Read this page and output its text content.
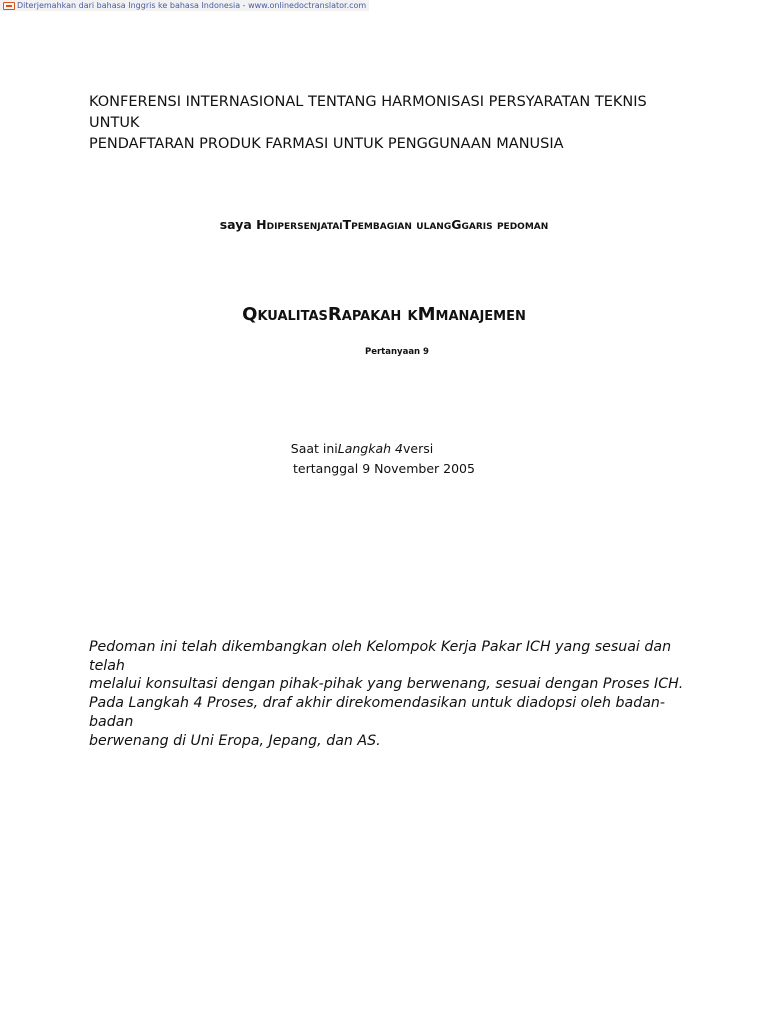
Diterjemahkan dari bahasa Inggris ke bahasa Indonesia - www.onlinedoctranslator.com
KONFERENSI INTERNASIONAL TENTANG HARMONISASI PERSYARATAN TEKNIS UNTUK
PENDAFTARAN PRODUK FARMASI UNTUK PENGGUNAAN MANUSIA
saya HdipersenjataiTpembagian ulangGgaris pedoman
QkualitasRapakah kMmanajemen
Pertanyaan 9
Saat iniLangkah 4versi
tertanggal 9 November 2005
Pedoman ini telah dikembangkan oleh Kelompok Kerja Pakar ICH yang sesuai dan telah
melalui konsultasi dengan pihak-pihak yang berwenang, sesuai dengan Proses ICH.
Pada Langkah 4 Proses, draf akhir direkomendasikan untuk diadopsi oleh badan-badan
berwenang di Uni Eropa, Jepang, dan AS.
